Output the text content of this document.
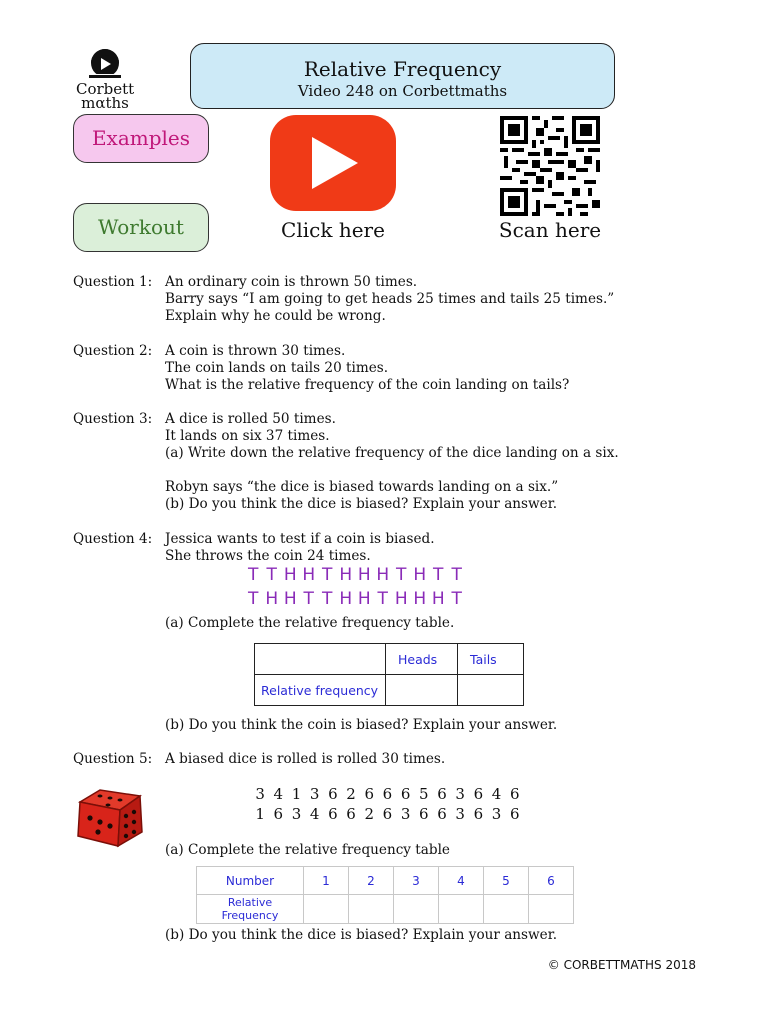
Corbett
mαths
Relative Frequency
Video 248 on Corbettmaths
Examples
Workout	Click here	Scan here
Question 1: An ordinary coin is thrown 50 times.
Barry says “I am going to get heads 25 times and tails 25 times.”
Explain why he could be wrong.
Question 2: A coin is thrown 30 times.
The coin lands on tails 20 times.
What is the relative frequency of the coin landing on tails?
Question 3: A dice is rolled 50 times.
It lands on six 37 times.
(a) Write down the relative frequency of the dice landing on a six.
Robyn says “the dice is biased towards landing on a six.”
(b) Do you think the dice is biased? Explain your answer.
Question 4: Jessica wants to test if a coin is biased.
She throws the coin 24 times.
T T H H T H H H T H T T
T H H T T H H T H H H T
(a) Complete the relative frequency table.
	Heads	Tails
Relative frequency		
(b) Do you think the coin is biased? Explain your answer.
Question 5: A biased dice is rolled is rolled 30 times.
3 4 1 3 6 2 6 6 6 5 6 3 6 4 6
1 6 3 4 6 6 2 6 3 6 6 3 6 3 6
(a) Complete the relative frequency table
Number	1	2	3	4	5	6
Relative Frequency						
(b) Do you think the dice is biased? Explain your answer.
© CORBETTMATHS 2018
